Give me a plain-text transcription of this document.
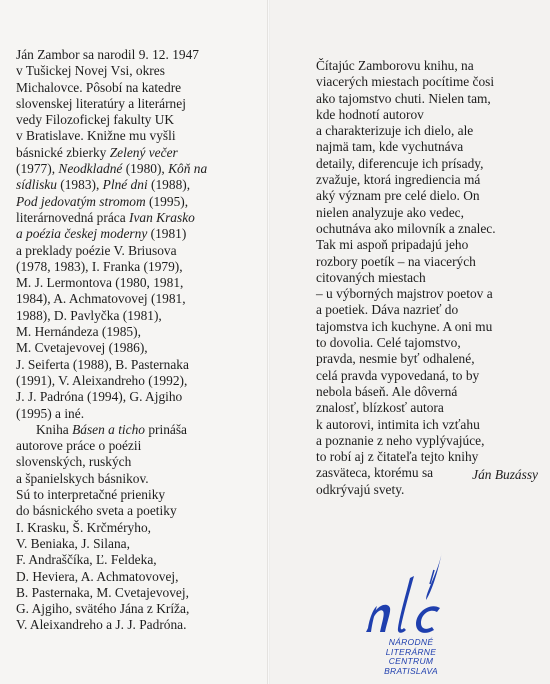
Ján Zambor sa narodil 9. 12. 1947
v Tušickej Novej Vsi, okres
Michalovce. Pôsobí na katedre
slovenskej literatúry a literárnej
vedy Filozofickej fakulty UK
v Bratislave. Knižne mu vyšli
básnické zbierky Zelený večer
(1977), Neodkladné (1980), Kôň na
sídlisku (1983), Plné dni (1988),
Pod jedovatým stromom (1995),
literárnovedná práca Ivan Krasko
a poézia českej moderny (1981)
a preklady poézie V. Briusova
(1978, 1983), I. Franka (1979),
M. J. Lermontova (1980, 1981,
1984), A. Achmatovovej (1981,
1988), D. Pavlyčka (1981),
M. Hernándeza (1985),
M. Cvetajevovej (1986),
J. Seiferta (1988), B. Pasternaka
(1991), V. Aleixandreho (1992),
J. J. Padróna (1994), G. Ajgiho
(1995) a iné.
Kniha Básen a ticho prináša
autorove práce o poézii
slovenských, ruských
a španielskych básnikov.
Sú to interpretačné prieniky
do básnického sveta a poetiky
I. Krasku, Š. Krčméryho,
V. Beniaka, J. Silana,
F. Andraščíka, Ľ. Feldeka,
D. Heviera, A. Achmatovovej,
B. Pasternaka, M. Cvetajevovej,
G. Ajgiho, svätého Jána z Kríža,
V. Aleixandreho a J. J. Padróna.
Čítajúc Zamborovu knihu, na
viacerých miestach pocítime čosi
ako tajomstvo chuti. Nielen tam,
kde hodnotí autorov
a charakterizuje ich dielo, ale
najmä tam, kde vychutnáva
detaily, diferencuje ich prísady,
zvažuje, ktorá ingrediencia má
aký význam pre celé dielo. On
nielen analyzuje ako vedec,
ochutnáva ako milovník a znalec.
Tak mi aspoň pripadajú jeho
rozbory poetík – na viacerých
citovaných miestach
– u výborných majstrov poetov a
a poetiek. Dáva nazrieť do
tajomstva ich kuchyne. A oni mu
to dovolia. Celé tajomstvo,
pravda, nesmie byť odhalené,
celá pravda vypovedaná, to by
nebola báseň. Ale dôverná
znalosť, blízkosť autora
k autorovi, intimita ich vzťahu
a poznanie z neho vyplývajúce,
to robí aj z čitateľa tejto knihy
zasväteca, ktorému sa
odkrývajú svety.
Ján Buzássy
NÁRODNÉ LITERÁRNE
CENTRUM
BRATISLAVA
